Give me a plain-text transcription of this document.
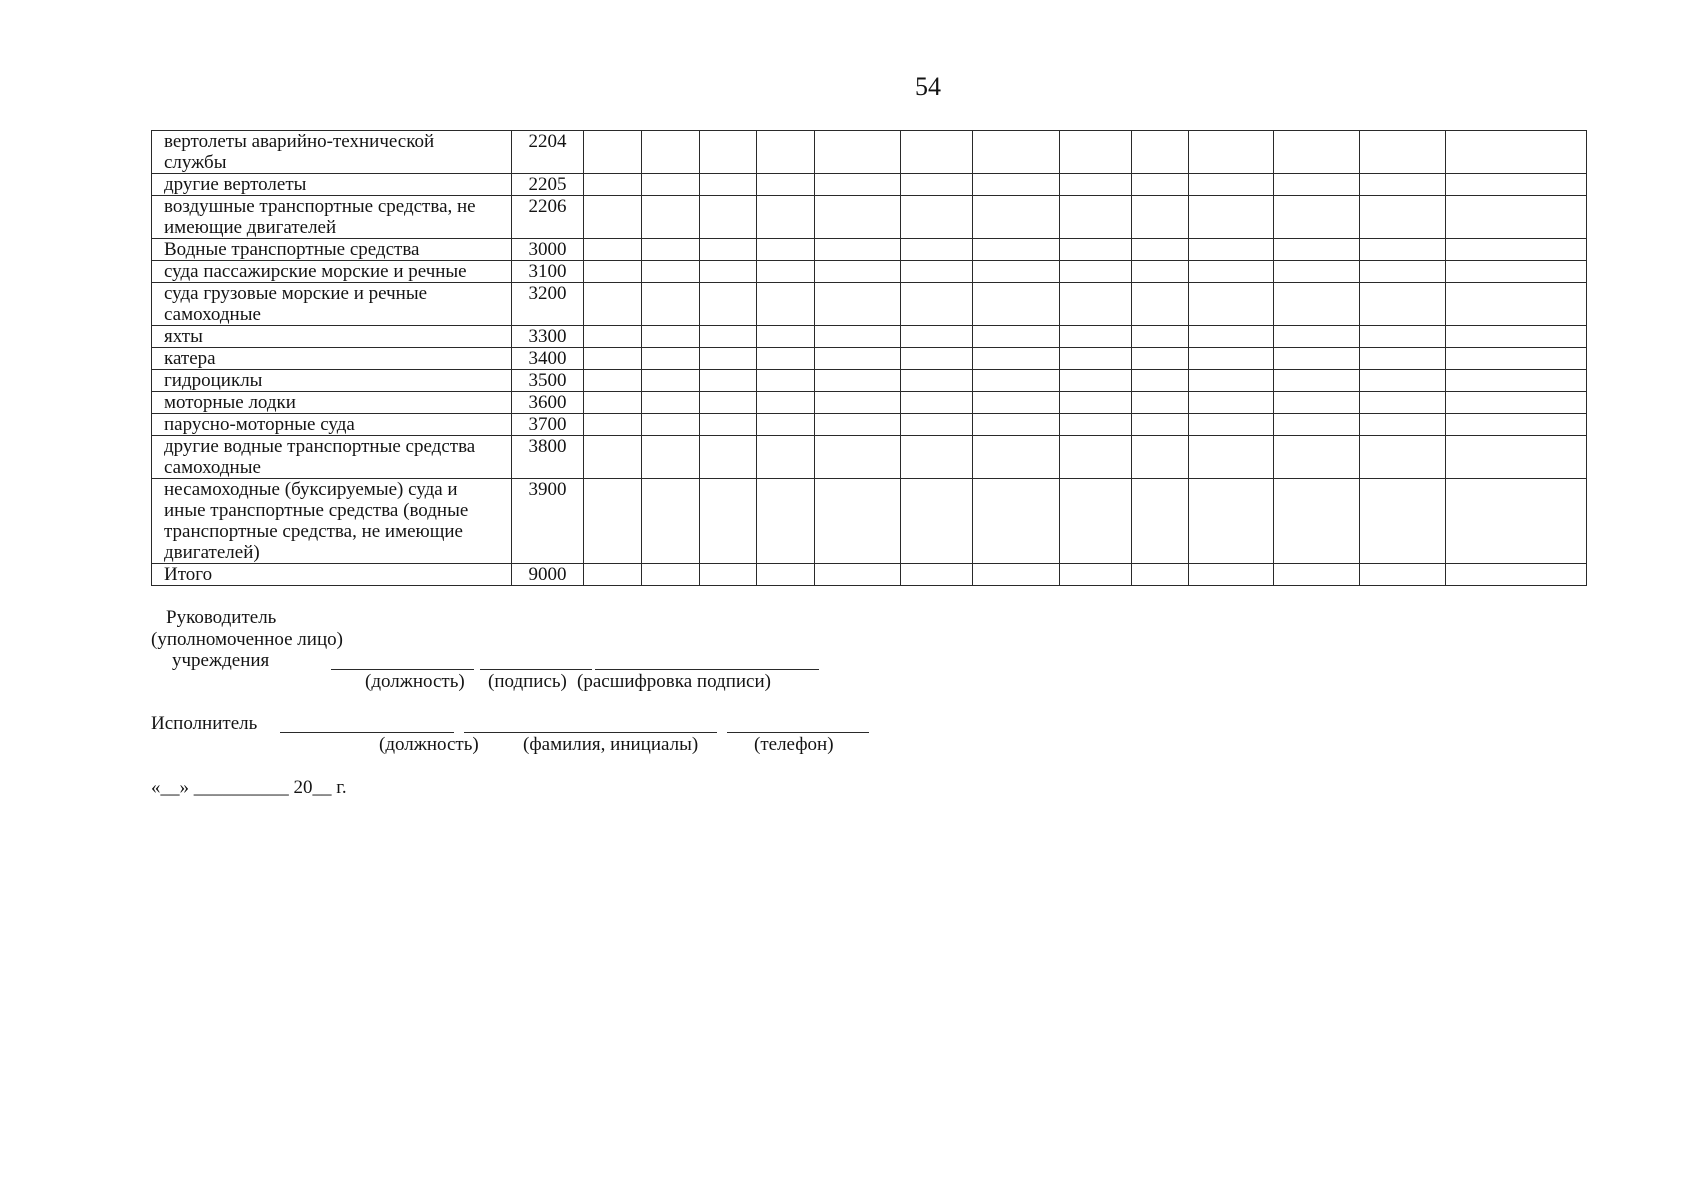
54
вертолеты аварийно-технической
службы	2204													
другие вертолеты	2205													
воздушные транспортные средства, не
имеющие двигателей	2206													
Водные транспортные средства	3000													
суда пассажирские морские и речные	3100													
суда грузовые морские и речные
самоходные	3200													
яхты	3300													
катера	3400													
гидроциклы	3500													
моторные лодки	3600													
парусно-моторные суда	3700													
другие водные транспортные средства
самоходные	3800													
несамоходные (буксируемые) суда и
иные транспортные средства (водные
транспортные средства, не имеющие
двигателей)	3900													
Итого	9000													
Руководитель
(уполномоченное лицо)
учреждения
(должность) (подпись) (расшифровка подписи)
Исполнитель
(должность) (фамилия, инициалы)	(телефон)
«__» __________ 20__ г.
